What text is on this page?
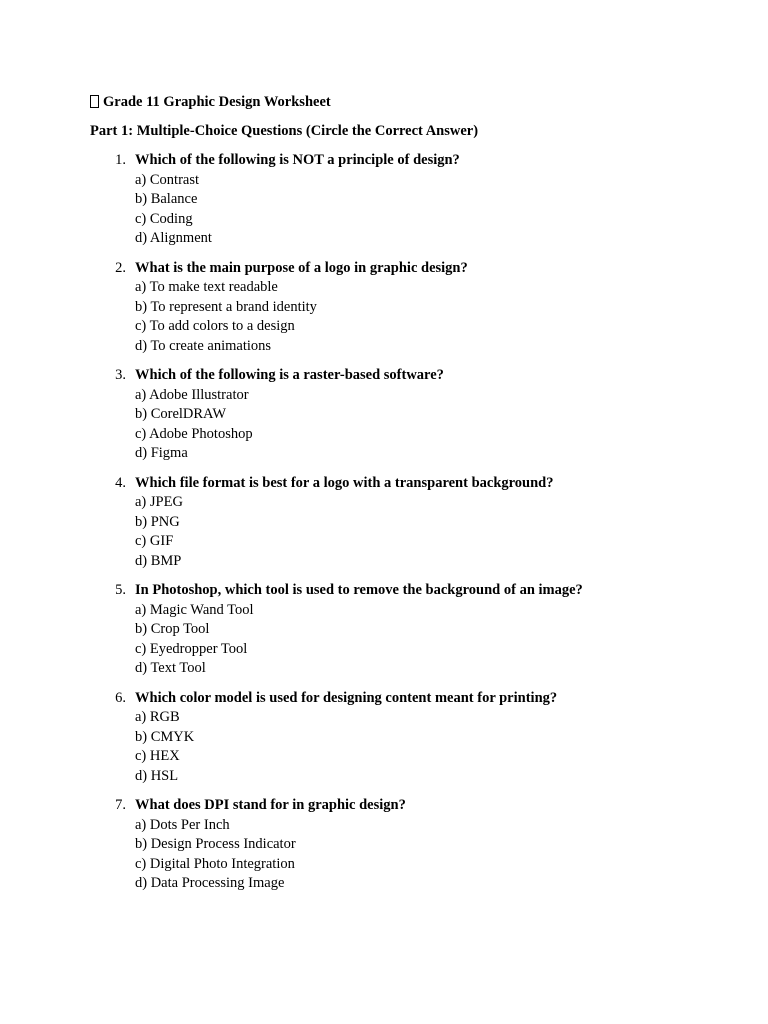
Grade 11 Graphic Design Worksheet
Part 1: Multiple-Choice Questions (Circle the Correct Answer)
1. Which of the following is NOT a principle of design?
a) Contrast
b) Balance
c) Coding
d) Alignment
2. What is the main purpose of a logo in graphic design?
a) To make text readable
b) To represent a brand identity
c) To add colors to a design
d) To create animations
3. Which of the following is a raster-based software?
a) Adobe Illustrator
b) CorelDRAW
c) Adobe Photoshop
d) Figma
4. Which file format is best for a logo with a transparent background?
a) JPEG
b) PNG
c) GIF
d) BMP
5. In Photoshop, which tool is used to remove the background of an image?
a) Magic Wand Tool
b) Crop Tool
c) Eyedropper Tool
d) Text Tool
6. Which color model is used for designing content meant for printing?
a) RGB
b) CMYK
c) HEX
d) HSL
7. What does DPI stand for in graphic design?
a) Dots Per Inch
b) Design Process Indicator
c) Digital Photo Integration
d) Data Processing Image
